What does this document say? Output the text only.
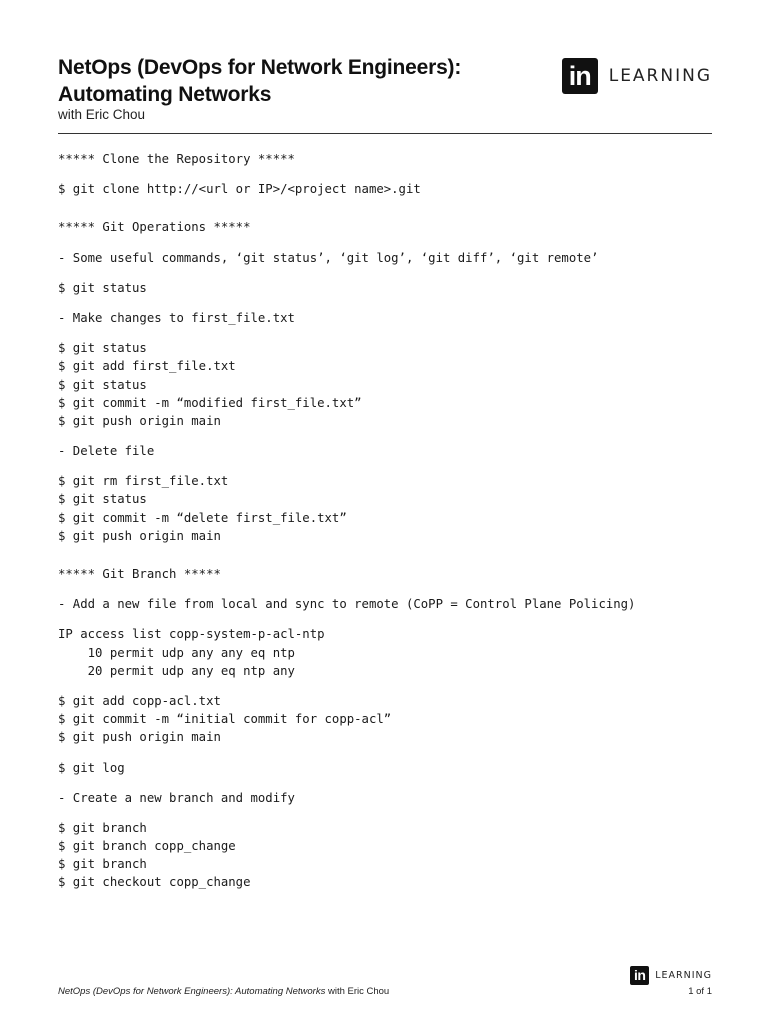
NetOps (DevOps for Network Engineers):
Automating Networks
with Eric Chou
in	LEARNING
***** Clone the Repository *****
$ git clone http://<url or IP>/<project name>.git
***** Git Operations *****
- Some useful commands, ‘git status’, ‘git log’, ‘git diff’, ‘git remote’
$ git status
- Make changes to first_file.txt
$ git status
$ git add first_file.txt
$ git status
$ git commit -m “modified first_file.txt”
$ git push origin main
- Delete file
$ git rm first_file.txt
$ git status
$ git commit -m “delete first_file.txt”
$ git push origin main
***** Git Branch *****
- Add a new file from local and sync to remote (CoPP = Control Plane Policing)
IP access list copp-system-p-acl-ntp
10 permit udp any any eq ntp
20 permit udp any eq ntp any
$ git add copp-acl.txt
$ git commit -m “initial commit for copp-acl”
$ git push origin main
$ git log
- Create a new branch and modify
$ git branch
$ git branch copp_change
$ git branch
$ git checkout copp_change
NetOps (DevOps for Network Engineers): Automating Networks with Eric Chou
in	LEARNING
1 of 1
